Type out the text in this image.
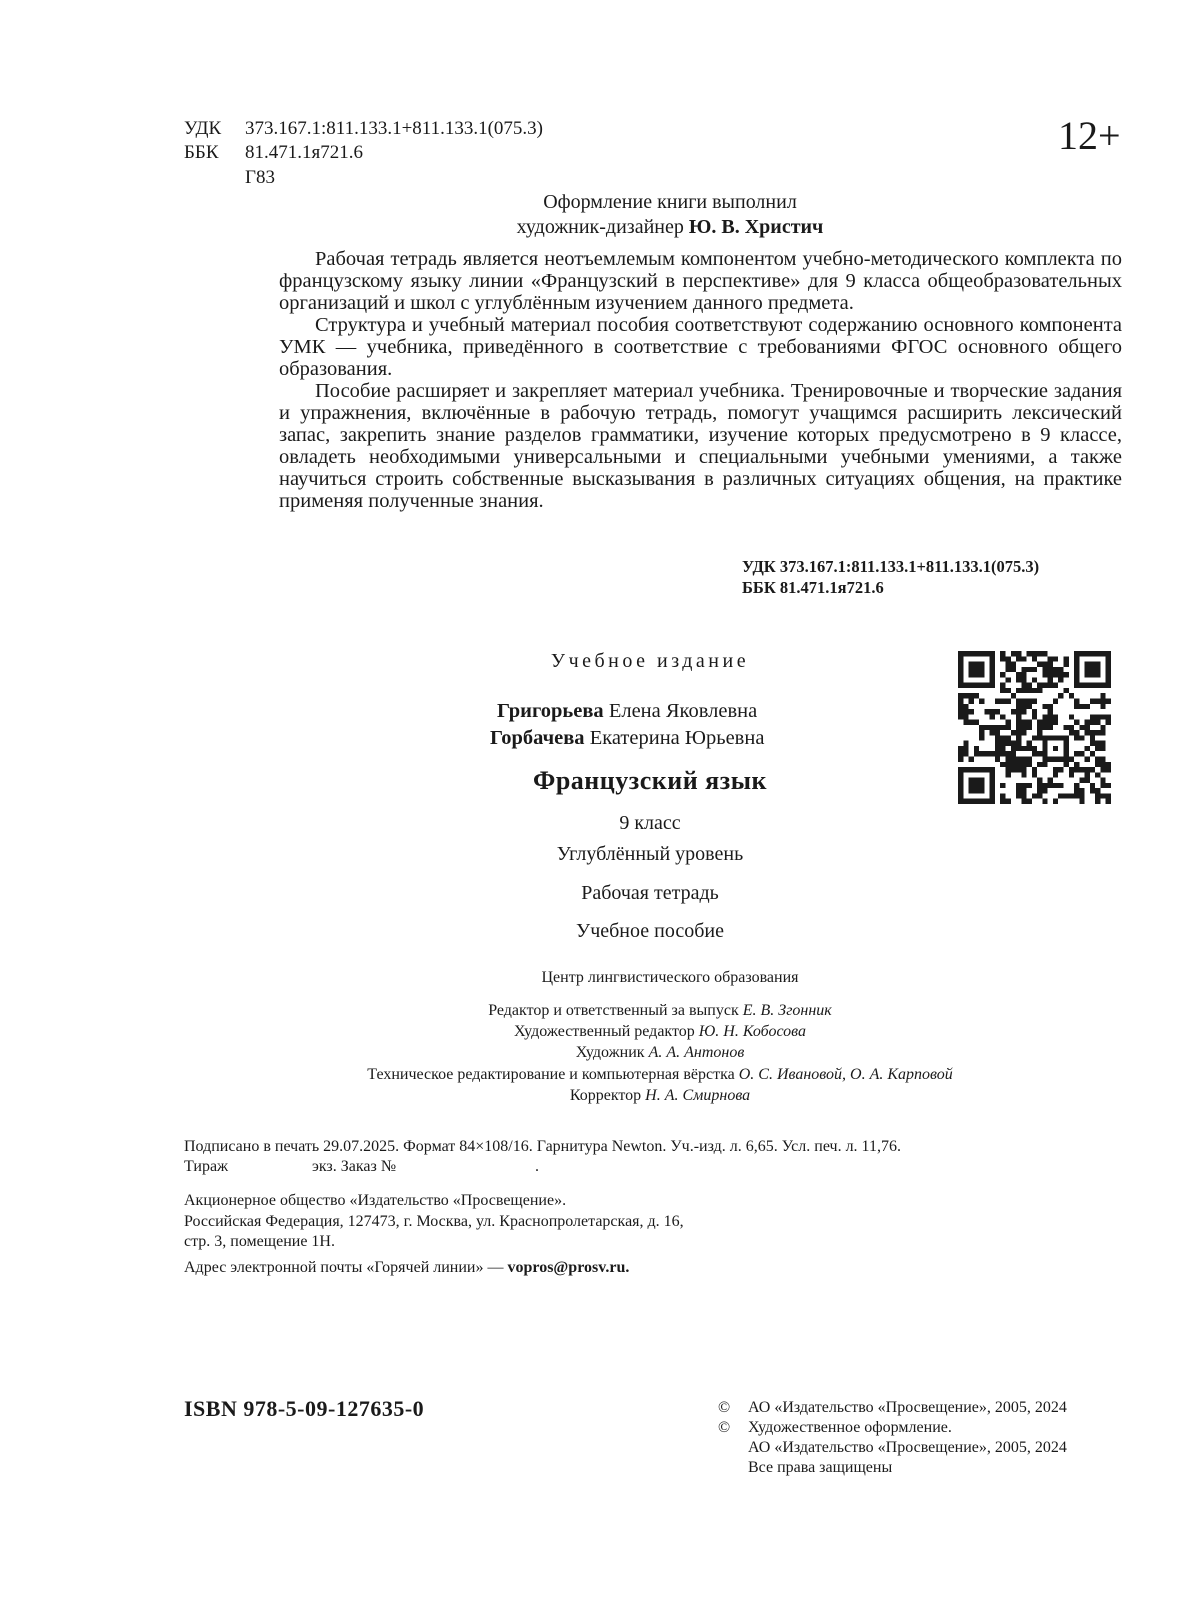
УДК 373.167.1:811.133.1+811.133.1(075.3)
ББК 81.471.1я721.6
Г83
12+
Оформление книги выполнил
художник-дизайнер Ю. В. Христич

Рабочая тетрадь является неотъемлемым компонентом учебно-методического комплекта по французскому языку линии «Французский в перспективе» для 9 класса общеобразовательных организаций и школ с углублённым изучением данного предмета.

Структура и учебный материал пособия соответствуют содержанию основного компонента УМК — учебника, приведённого в соответствие с требованиями ФГОС основного общего образования.

Пособие расширяет и закрепляет материал учебника. Тренировочные и творческие задания и упражнения, включённые в рабочую тетрадь, помогут учащимся расширить лексический запас, закрепить знание разделов грамматики, изучение которых предусмотрено в 9 классе, овладеть необходимыми универсальными и специальными учебными умениями, а также научиться строить собственные высказывания в различных ситуациях общения, на практике применяя полученные знания.

УДК 373.167.1:811.133.1+811.133.1(075.3)
ББК 81.471.1я721.6
Учебное издание
Григорьева Елена Яковлевна
Горбачева Екатерина Юрьевна
Французский язык
9 класс
Углублённый уровень
Рабочая тетрадь
Учебное пособие
Центр лингвистического образования
Редактор и ответственный за выпуск Е. В. Згонник
Художественный редактор Ю. Н. Кобосова
Художник А. А. Антонов
Техническое редактирование и компьютерная вёрстка О. С. Ивановой, О. А. Карповой
Корректор Н. А. Смирнова
Подписано в печать 29.07.2025. Формат 84×108/16. Гарнитура Newton. Уч.-изд. л. 6,65. Усл. печ. л. 11,76.
Тираж	экз. Заказ №	.
Акционерное общество «Издательство «Просвещение».
Российская Федерация, 127473, г. Москва, ул. Краснопролетарская, д. 16,
стр. 3, помещение 1Н.
Адрес электронной почты «Горячей линии» — vopros@prosv.ru.
ISBN 978-5-09-127635-0	© АО «Издательство «Просвещение», 2005, 2024
© Художественное оформление.
АО «Издательство «Просвещение», 2005, 2024
Все права защищены
